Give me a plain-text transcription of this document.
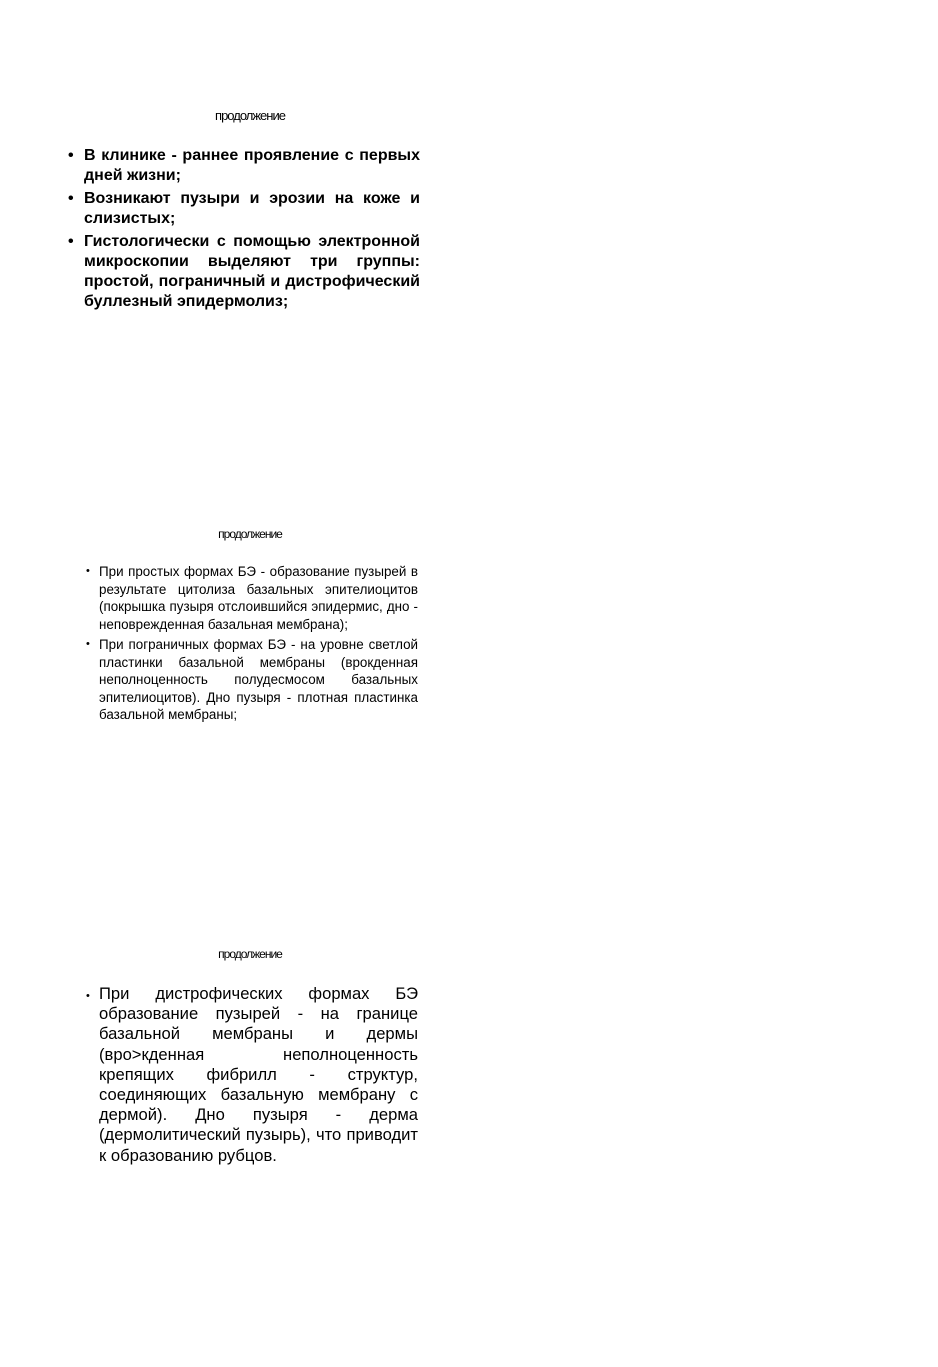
продолжение
• В клинике - раннее проявление с первых дней жизни;
• Возникают пузыри и эрозии на коже и слизистых;
• Гистологически с помощью электронной микроскопии выделяют три группы: простой, пограничный и дистрофический буллезный эпидермолиз;
продолжение
• При простых формах БЭ - образование пузырей в результате цитолиза базальных эпителиоцитов (покрышка пузыря отслоившийся эпидермис, дно - неповрежденная базальная мембрана);
• При пограничных формах БЭ - на уровне светлой пластинки базальной мембраны (врокденная неполноценность полудесмосом базальных эпителиоцитов). Дно пузыря - плотная пластинка базальной мембраны;
продолжение
• При дистрофических формах БЭ образование пузырей - на границе базальной мембраны и дермы (вро>кденная неполноценность крепящих фибрилл - структур, соединяющих базальную мембрану с дермой). Дно пузыря - дерма (дермолитический пузырь), что приводит к образованию рубцов.
